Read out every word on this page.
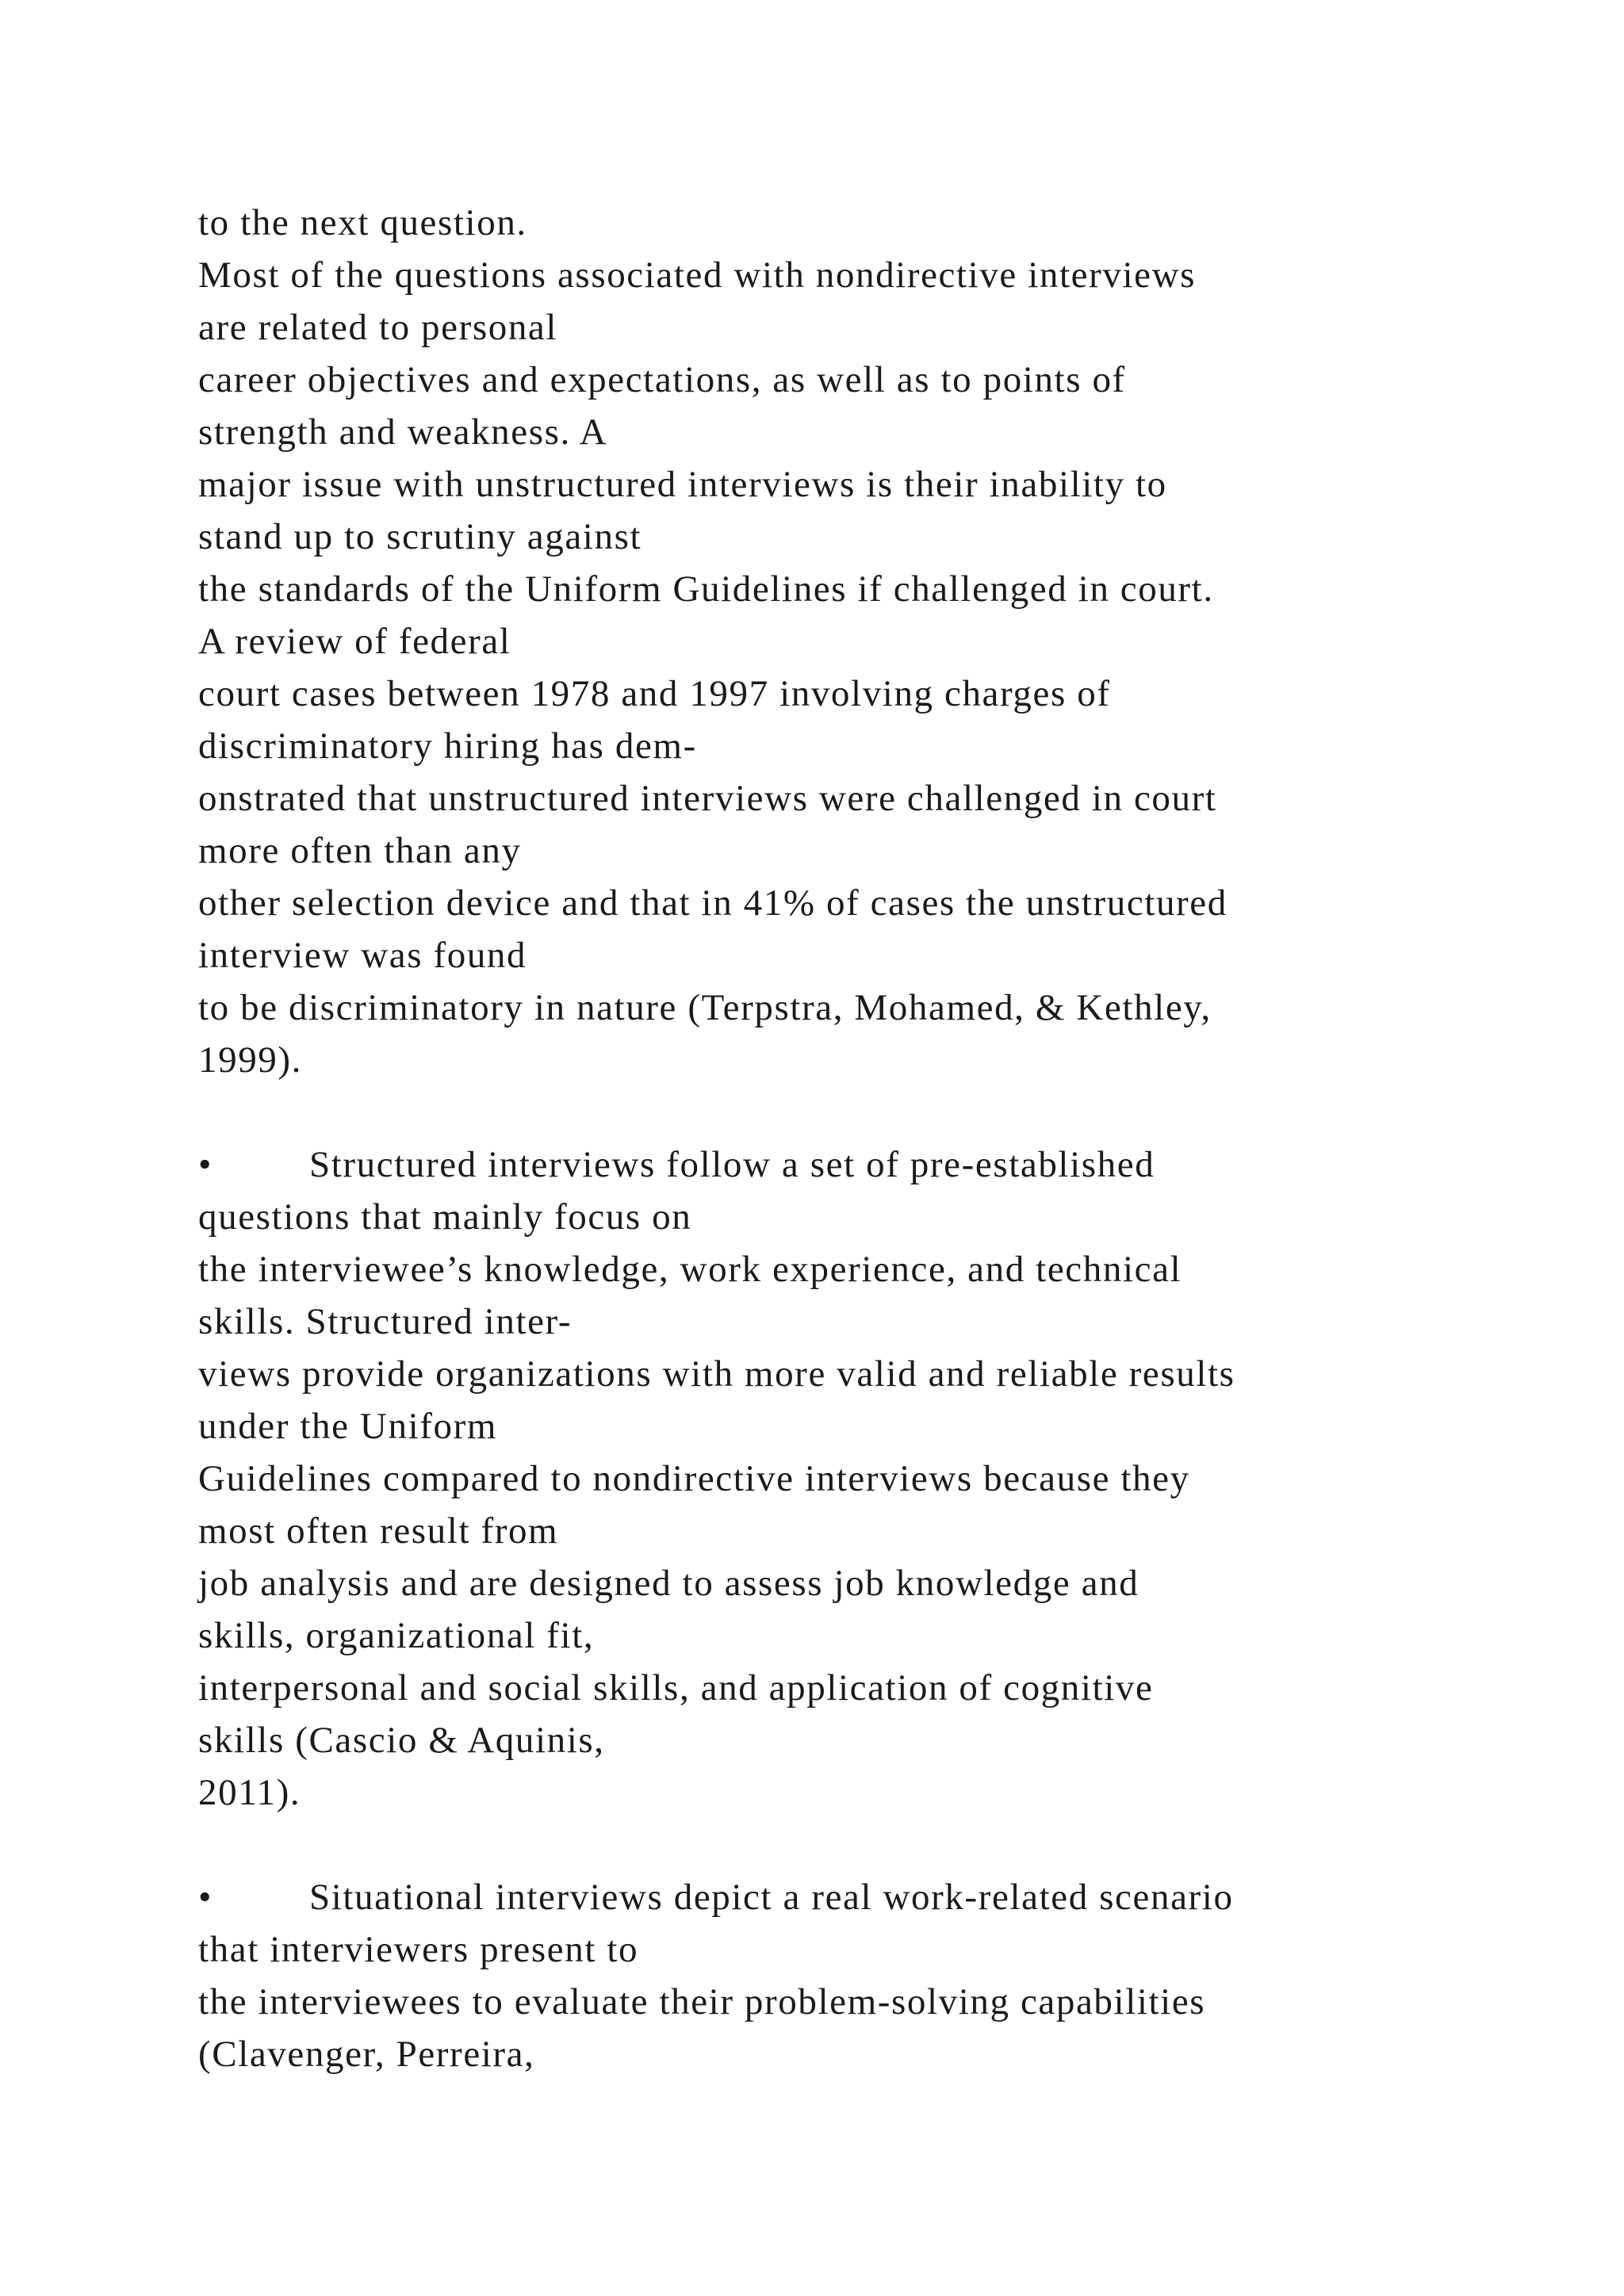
to the next question.
Most of the questions associated with nondirective interviews
are related to personal
career objectives and expectations, as well as to points of
strength and weakness. A
major issue with unstructured interviews is their inability to
stand up to scrutiny against
the standards of the Uniform Guidelines if challenged in court.
A review of federal
court cases between 1978 and 1997 involving charges of
discriminatory hiring has dem-
onstrated that unstructured interviews were challenged in court
more often than any
other selection device and that in 41% of cases the unstructured
interview was found
to be discriminatory in nature (Terpstra, Mohamed, & Kethley,
1999).
•	Structured interviews follow a set of pre-established
questions that mainly focus on
the interviewee’s knowledge, work experience, and technical
skills. Structured inter-
views provide organizations with more valid and reliable results
under the Uniform
Guidelines compared to nondirective interviews because they
most often result from
job analysis and are designed to assess job knowledge and
skills, organizational fit,
interpersonal and social skills, and application of cognitive
skills (Cascio & Aquinis,
2011).
•	Situational interviews depict a real work-related scenario
that interviewers present to
the interviewees to evaluate their problem-solving capabilities
(Clavenger, Perreira,
